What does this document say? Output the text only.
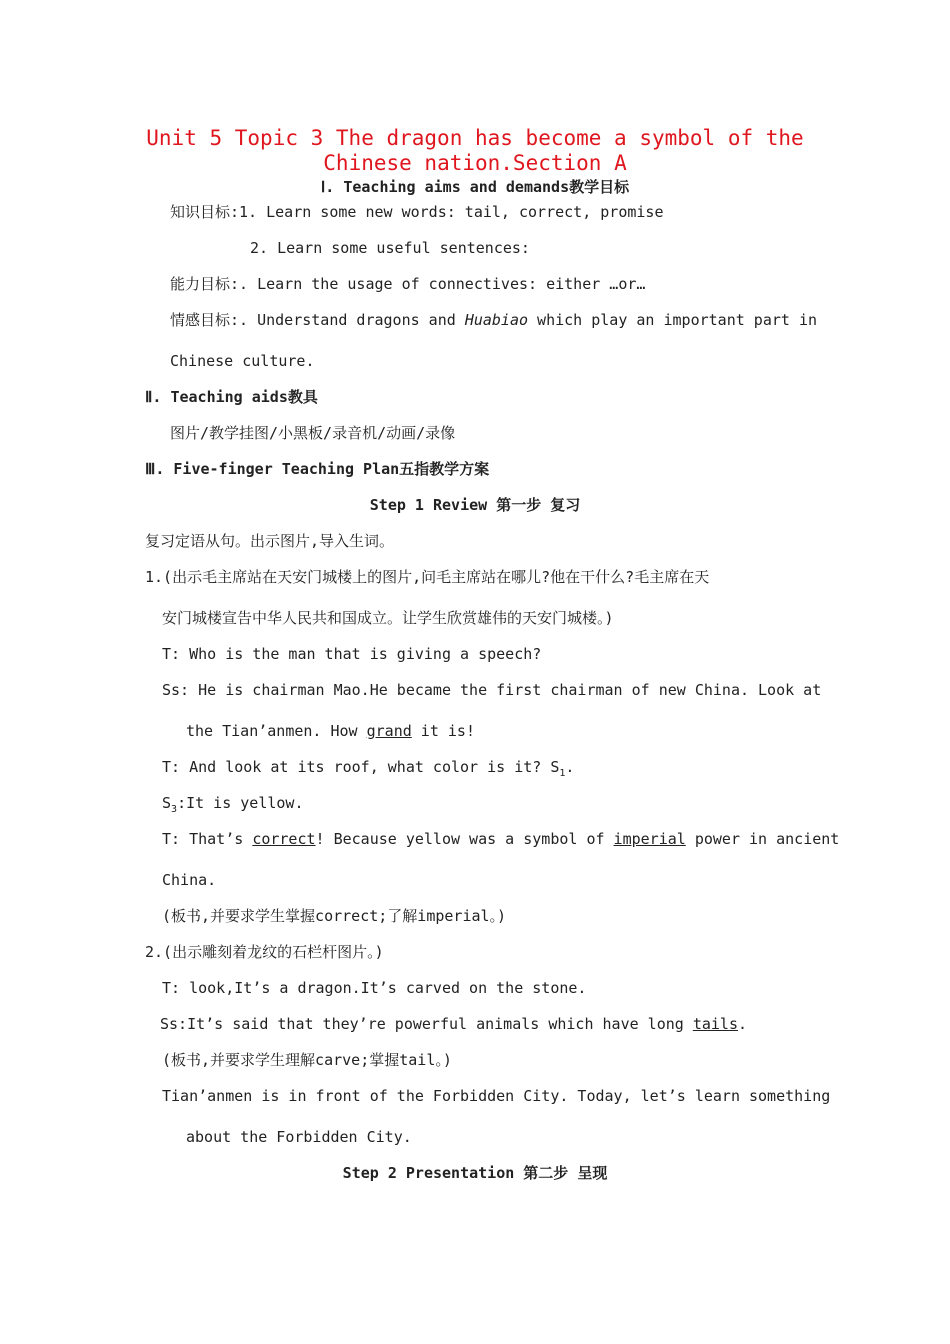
Unit 5 Topic 3 The dragon has become a symbol of the
Chinese nation.Section A
Ⅰ. Teaching aims and demands教学目标
知识目标:1. Learn some new words: tail, correct, promise
2. Learn some useful sentences:
能力目标:. Learn the usage of connectives: either …or…
情感目标:. Understand dragons and Huabiao which play an important part in
Chinese culture.
Ⅱ. Teaching aids教具
图片/教学挂图/小黑板/录音机/动画/录像
Ⅲ. Five-finger Teaching Plan五指教学方案
Step 1 Review 第一步 复习
复习定语从句。出示图片,导入生词。
1.(出示毛主席站在天安门城楼上的图片,问毛主席站在哪儿?他在干什么?毛主席在天
安门城楼宣告中华人民共和国成立。让学生欣赏雄伟的天安门城楼。)
T: Who is the man that is giving a speech?
Ss: He is chairman Mao.He became the first chairman of new China. Look at
the Tian’anmen. How grand it is!
T: And look at its roof, what color is it? $S_1$.
$S_3:It$ is yellow.
T: That’s correct! Because yellow was a symbol of imperial power in ancient
China.
(板书,并要求学生掌握correct;了解imperial。)
2.(出示雕刻着龙纹的石栏杆图片。)
T: look,It’s a dragon.It’s carved on the stone.
Ss:It’s said that they’re powerful animals which have long tails.
(板书,并要求学生理解carve;掌握tail。)
Tian’anmen is in front of the Forbidden City. Today, let’s learn something
about the Forbidden City.
Step 2 Presentation 第二步 呈现
